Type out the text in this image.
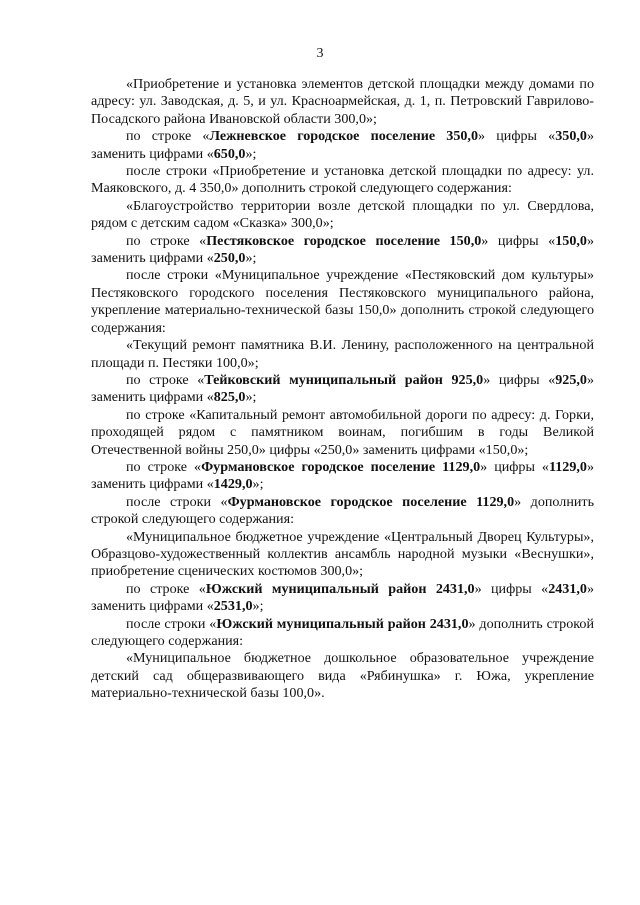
3

«Приобретение и установка элементов детской площадки между домами по адресу: ул. Заводская, д. 5, и ул. Красноармейская, д. 1, п. Петровский Гаврилово-Посадского района Ивановской области 300,0»;

по строке «Лежневское городское поселение 350,0» цифры «350,0» заменить цифрами «650,0»;

после строки «Приобретение и установка детской площадки по адресу: ул. Маяковского, д. 4 350,0» дополнить строкой следующего содержания:

«Благоустройство территории возле детской площадки по ул. Свердлова, рядом с детским садом «Сказка» 300,0»;

по строке «Пестяковское городское поселение 150,0» цифры «150,0» заменить цифрами «250,0»;

после строки «Муниципальное учреждение «Пестяковский дом культуры» Пестяковского городского поселения Пестяковского муниципального района, укрепление материально-технической базы 150,0» дополнить строкой следующего содержания:

«Текущий ремонт памятника В.И. Ленину, расположенного на центральной площади п. Пестяки 100,0»;

по строке «Тейковский муниципальный район 925,0» цифры «925,0» заменить цифрами «825,0»;

по строке «Капитальный ремонт автомобильной дороги по адресу: д. Горки, проходящей рядом с памятником воинам, погибшим в годы Великой Отечественной войны 250,0» цифры «250,0» заменить цифрами «150,0»;

по строке «Фурмановское городское поселение 1129,0» цифры «1129,0» заменить цифрами «1429,0»;

после строки «Фурмановское городское поселение 1129,0» дополнить строкой следующего содержания:

«Муниципальное бюджетное учреждение «Центральный Дворец Культуры», Образцово-художественный коллектив ансамбль народной музыки «Веснушки», приобретение сценических костюмов 300,0»;

по строке «Южский муниципальный район 2431,0» цифры «2431,0» заменить цифрами «2531,0»;

после строки «Южский муниципальный район 2431,0» дополнить строкой следующего содержания:

«Муниципальное бюджетное дошкольное образовательное учреждение детский сад общеразвивающего вида «Рябинушка» г. Южа, укрепление материально-технической базы 100,0».
